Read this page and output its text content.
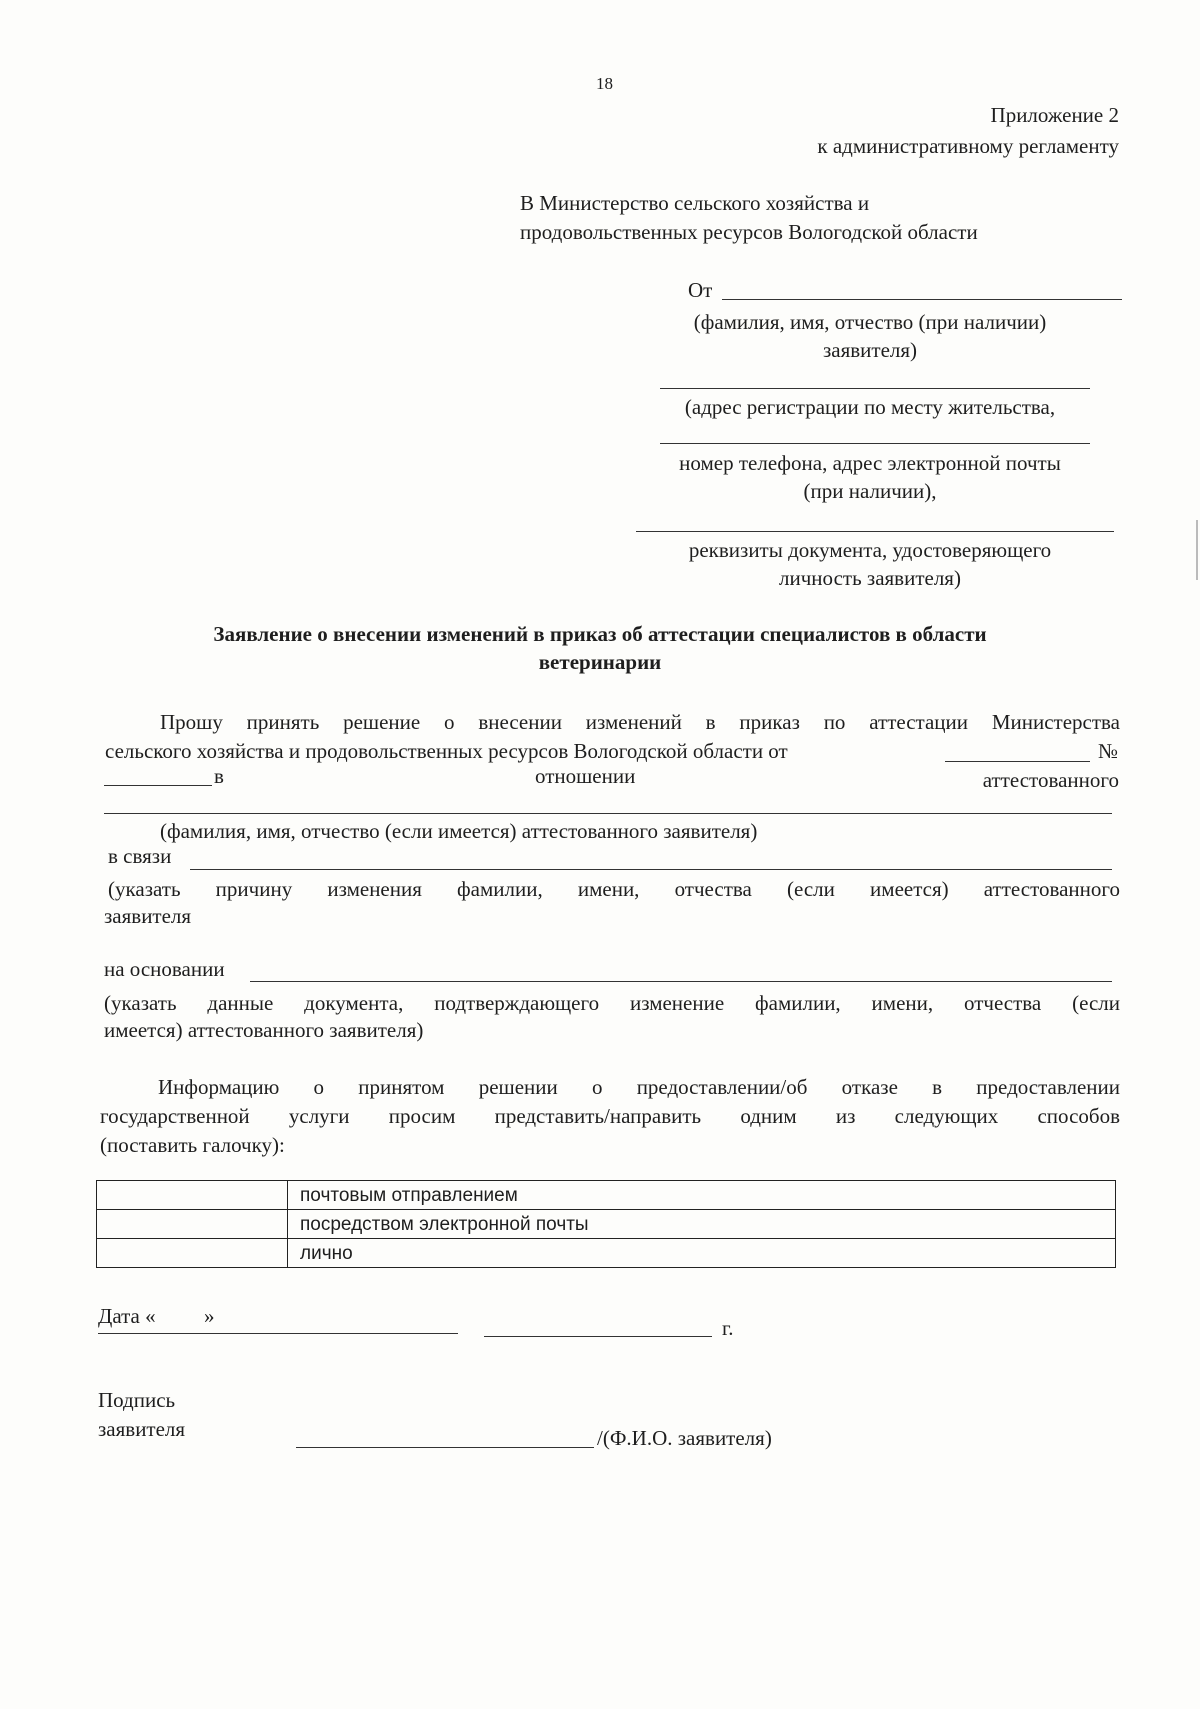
18
Приложение 2
к административному регламенту
В Министерство сельского хозяйства и
продовольственных ресурсов Вологодской области
От
(фамилия, имя, отчество (при наличии)
заявителя)
(адрес регистрации по месту жительства,
номер телефона, адрес электронной почты
(при наличии),
реквизиты документа, удостоверяющего
личность заявителя)
Заявление о внесении изменений в приказ об аттестации специалистов в области
ветеринарии
Прошу принять решение о внесении изменений в приказ по аттестации Министерства
сельского хозяйства и продовольственных ресурсов Вологодской области от	№
в	отношении	аттестованного
(фамилия, имя, отчество (если имеется) аттестованного заявителя)
в связи
(указать причину изменения фамилии, имени, отчества (если имеется) аттестованного
заявителя
на основании
(указать данные документа, подтверждающего изменение фамилии, имени, отчества (если
имеется) аттестованного заявителя)
Информацию о принятом решении о предоставлении/об отказе в предоставлении
государственной услуги просим представить/направить одним из следующих способов
(поставить галочку):
	почтовым отправлением
	посредством электронной почты
	лично
Дата « »	г.
Подпись
заявителя	/(Ф.И.О. заявителя)
